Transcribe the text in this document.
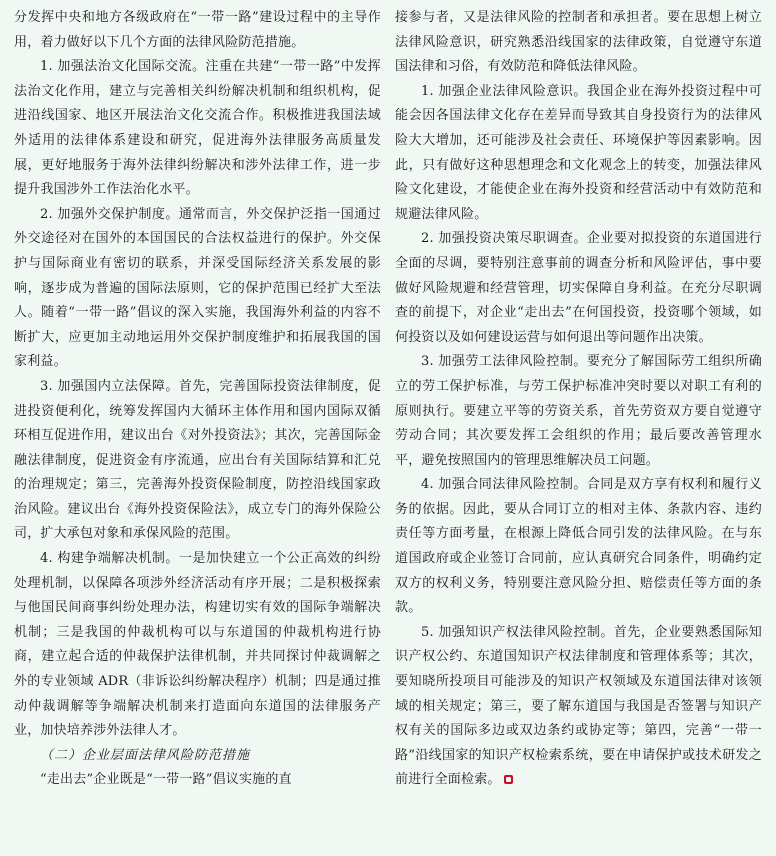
分发挥中央和地方各级政府在“一带一路”建设过程中的主导作用，着力做好以下几个方面的法律风险防范措施。

1. 加强法治文化国际交流。注重在共建“一带一路”中发挥法治文化作用，建立与完善相关纠纷解决机制和组织机构，促进沿线国家、地区开展法治文化交流合作。积极推进我国法域外适用的法律体系建设和研究，促进海外法律服务高质量发展，更好地服务于海外法律纠纷解决和涉外法律工作，进一步提升我国涉外工作法治化水平。

2. 加强外交保护制度。通常而言，外交保护泛指一国通过外交途径对在国外的本国国民的合法权益进行的保护。外交保护与国际商业有密切的联系，并深受国际经济关系发展的影响，逐步成为普遍的国际法原则，它的保护范围已经扩大至法人。随着“一带一路”倡议的深入实施，我国海外利益的内容不断扩大，应更加主动地运用外交保护制度维护和拓展我国的国家利益。

3. 加强国内立法保障。首先，完善国际投资法律制度，促进投资便利化，统筹发挥国内大循环主体作用和国内国际双循环相互促进作用，建议出台《对外投资法》；其次，完善国际金融法律制度，促进资金有序流通，应出台有关国际结算和汇兑的治理规定；第三，完善海外投资保险制度，防控沿线国家政治风险。建议出台《海外投资保险法》，成立专门的海外保险公司，扩大承包对象和承保风险的范围。

4. 构建争端解决机制。一是加快建立一个公正高效的纠纷处理机制，以保障各项涉外经济活动有序开展；二是积极探索与他国民间商事纠纷处理办法，构建切实有效的国际争端解决机制；三是我国的仲裁机构可以与东道国的仲裁机构进行协商，建立起合适的仲裁保护法律机制，并共同探讨仲裁调解之外的专业领域 ADR（非诉讼纠纷解决程序）机制；四是通过推动仲裁调解等争端解决机制来打造面向东道国的法律服务产业，加快培养涉外法律人才。

（二）企业层面法律风险防范措施

“走出去”企业既是“一带一路”倡议实施的直

接参与者，又是法律风险的控制者和承担者。要在思想上树立法律风险意识，研究熟悉沿线国家的法律政策，自觉遵守东道国法律和习俗，有效防范和降低法律风险。

1. 加强企业法律风险意识。我国企业在海外投资过程中可能会因各国法律文化存在差异而导致其自身投资行为的法律风险大大增加，还可能涉及社会责任、环境保护等因素影响。因此，只有做好这种思想理念和文化观念上的转变，加强法律风险文化建设，才能使企业在海外投资和经营活动中有效防范和规避法律风险。

2. 加强投资决策尽职调查。企业要对拟投资的东道国进行全面的尽调，要特别注意事前的调查分析和风险评估，事中要做好风险规避和经营管理，切实保障自身利益。在充分尽职调查的前提下，对企业“走出去”在何国投资，投资哪个领域，如何投资以及如何建设运营与如何退出等问题作出决策。

3. 加强劳工法律风险控制。要充分了解国际劳工组织所确立的劳工保护标准，与劳工保护标准冲突时要以对职工有利的原则执行。要建立平等的劳资关系，首先劳资双方要自觉遵守劳动合同；其次要发挥工会组织的作用；最后要改善管理水平，避免按照国内的管理思维解决员工问题。

4. 加强合同法律风险控制。合同是双方享有权利和履行义务的依据。因此，要从合同订立的相对主体、条款内容、违约责任等方面考量，在根源上降低合同引发的法律风险。在与东道国政府或企业签订合同前，应认真研究合同条件，明确约定双方的权利义务，特别要注意风险分担、赔偿责任等方面的条款。

5. 加强知识产权法律风险控制。首先，企业要熟悉国际知识产权公约、东道国知识产权法律制度和管理体系等；其次，要知晓所投项目可能涉及的知识产权领域及东道国法律对该领域的相关规定；第三，要了解东道国与我国是否签署与知识产权有关的国际多边或双边条约或协定等；第四，完善“一带一路”沿线国家的知识产权检索系统，要在申请保护或技术研发之前进行全面检索。
